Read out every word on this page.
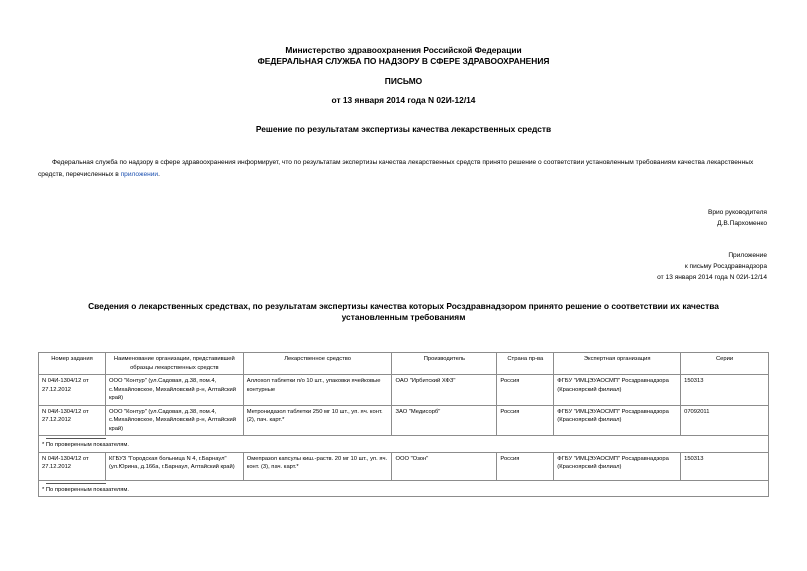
Министерство здравоохранения Российской Федерации
ФЕДЕРАЛЬНАЯ СЛУЖБА ПО НАДЗОРУ В СФЕРЕ ЗДРАВООХРАНЕНИЯ
ПИСЬМО
от 13 января 2014 года N 02И-12/14
Решение по результатам экспертизы качества лекарственных средств
Федеральная служба по надзору в сфере здравоохранения информирует, что по результатам экспертизы качества лекарственных средств принято решение о соответствии установленным требованиям качества лекарственных средств, перечисленных в приложении.
Врио руководителя
Д.В.Пархоменко
Приложение
к письму Росздравнадзора
от 13 января 2014 года N 02И-12/14
Сведения о лекарственных средствах, по результатам экспертизы качества которых Росздравнадзором принято решение о соответствии их качества установленным требованиям
Номер задания	Наименование организации, представившей образцы лекарственных средств	Лекарственное средство	Производитель	Страна пр-ва	Экспертная организация	Серии
N 04И-1304/12 от 27.12.2012	ООО "Контур" (ул.Садовая, д.38, пом.4, с.Михайловское, Михайловский р-н, Алтайский край)	Аллохол таблетки п/о 10 шт., упаковки ячейковые контурные	ОАО "Ирбитский ХФЗ"	Россия	ФГБУ "ИМЦЭУАОСМП" Росздравнадзора (Красноярский филиал)	150313
N 04И-1304/12 от 27.12.2012	ООО "Контур" (ул.Садовая, д.38, пом.4, с.Михайловское, Михайловский р-н, Алтайский край)	Метронидазол таблетки 250 мг 10 шт., уп. яч. конт. (2), пач. карт.*	ЗАО "Медисорб"	Россия	ФГБУ "ИМЦЭУАОСМП" Росздравнадзора (Красноярский филиал)	07092011

* По проверенным показателям.						
N 04И-1304/12 от 27.12.2012	КГБУЗ "Городская больница N 4, г.Барнаул" (ул.Юрина, д.166а, г.Барнаул, Алтайский край)	Омепразол капсулы киш.-раств. 20 мг 10 шт., уп. яч. конт. (3), пач. карт.*	ООО "Озон"	Россия	ФГБУ "ИМЦЭУАОСМП" Росздравнадзора (Красноярский филиал)	150313

* По проверенным показателям.						
